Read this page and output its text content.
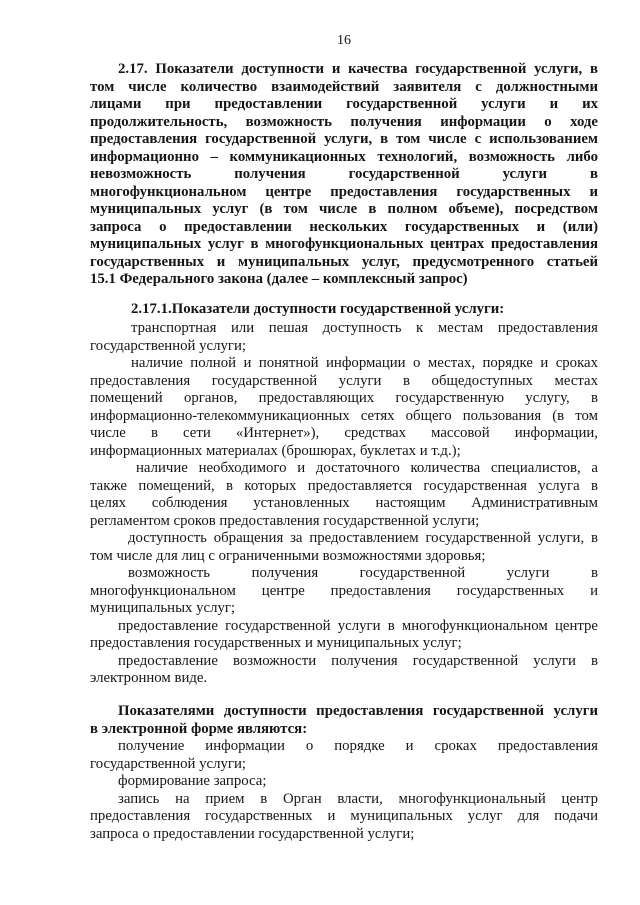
16
2.17. Показатели доступности и качества государственной услуги, в
том числе количество взаимодействий заявителя с должностными
лицами при предоставлении государственной услуги и их
продолжительность, возможность получения информации о ходе
предоставления государственной услуги, в том числе с использованием
информационно – коммуникационных технологий, возможность либо
невозможность получения государственной услуги в
многофункциональном центре предоставления государственных и
муниципальных услуг (в том числе в полном объеме), посредством
запроса о предоставлении нескольких государственных и (или)
муниципальных услуг в многофункциональных центрах предоставления
государственных и муниципальных услуг, предусмотренного статьей
15.1 Федерального закона (далее – комплексный запрос)
2.17.1.Показатели доступности государственной услуги:
транспортная или пешая доступность к местам предоставления
государственной услуги;
наличие полной и понятной информации о местах, порядке и сроках
предоставления государственной услуги в общедоступных местах
помещений органов, предоставляющих государственную услугу, в
информационно-телекоммуникационных сетях общего пользования (в том
числе в сети «Интернет»), средствах массовой информации,
информационных материалах (брошюрах, буклетах и т.д.);
наличие необходимого и достаточного количества специалистов, а
также помещений, в которых предоставляется государственная услуга в
целях соблюдения установленных настоящим Административным
регламентом сроков предоставления государственной услуги;
доступность обращения за предоставлением государственной услуги, в
том числе для лиц с ограниченными возможностями здоровья;
возможность получения государственной услуги в
многофункциональном центре предоставления государственных и
муниципальных услуг;
предоставление государственной услуги в многофункциональном центре
предоставления государственных и муниципальных услуг;
предоставление возможности получения государственной услуги в
электронном виде.
Показателями доступности предоставления государственной услуги
в электронной форме являются:
получение информации о порядке и сроках предоставления
государственной услуги;
формирование запроса;
запись на прием в Орган власти, многофункциональный центр
предоставления государственных и муниципальных услуг для подачи
запроса о предоставлении государственной услуги;
